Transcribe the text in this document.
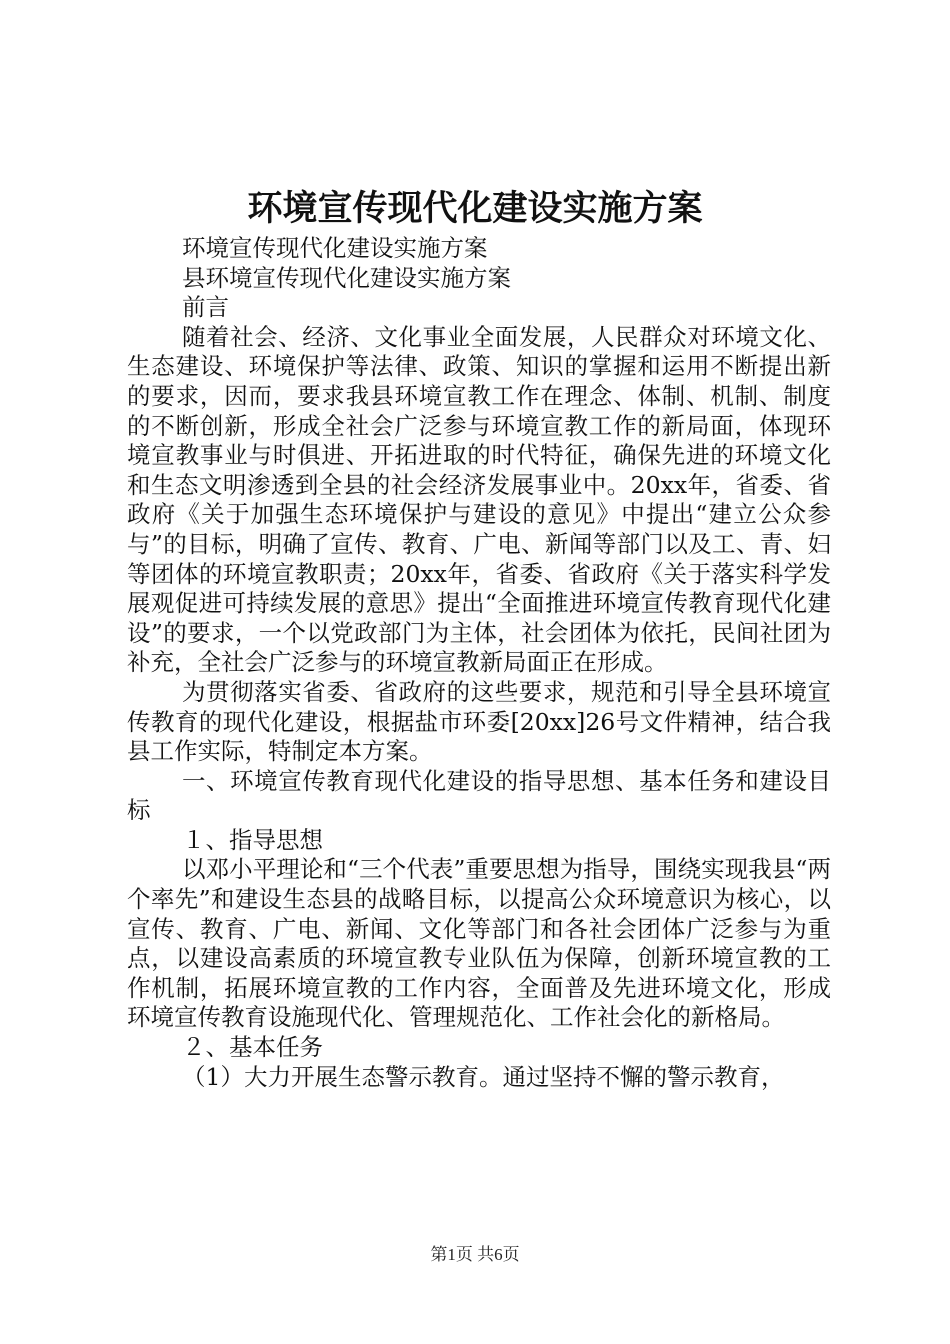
环境宣传现代化建设实施方案

环境宣传现代化建设实施方案

县环境宣传现代化建设实施方案

前言

随着社会、经济、文化事业全面发展，人民群众对环境文化、生态建设、环境保护等法律、政策、知识的掌握和运用不断提出新的要求，因而，要求我县环境宣教工作在理念、体制、机制、制度的不断创新，形成全社会广泛参与环境宣教工作的新局面，体现环境宣教事业与时俱进、开拓进取的时代特征，确保先进的环境文化和生态文明渗透到全县的社会经济发展事业中。20xx年，省委、省政府《关于加强生态环境保护与建设的意见》中提出“建立公众参与”的目标，明确了宣传、教育、广电、新闻等部门以及工、青、妇等团体的环境宣教职责；20xx年，省委、省政府《关于落实科学发展观促进可持续发展的意思》提出“全面推进环境宣传教育现代化建设”的要求，一个以党政部门为主体，社会团体为依托，民间社团为补充，全社会广泛参与的环境宣教新局面正在形成。

为贯彻落实省委、省政府的这些要求，规范和引导全县环境宣传教育的现代化建设，根据盐市环委[20xx]26号文件精神，结合我县工作实际，特制定本方案。

一、环境宣传教育现代化建设的指导思想、基本任务和建设目标

１、指导思想

以邓小平理论和“三个代表”重要思想为指导，围绕实现我县“两个率先”和建设生态县的战略目标，以提高公众环境意识为核心，以宣传、教育、广电、新闻、文化等部门和各社会团体广泛参与为重点，以建设高素质的环境宣教专业队伍为保障，创新环境宣教的工作机制，拓展环境宣教的工作内容，全面普及先进环境文化，形成环境宣传教育设施现代化、管理规范化、工作社会化的新格局。

２、基本任务

（1）大力开展生态警示教育。通过坚持不懈的警示教育，

第1页 共6页
